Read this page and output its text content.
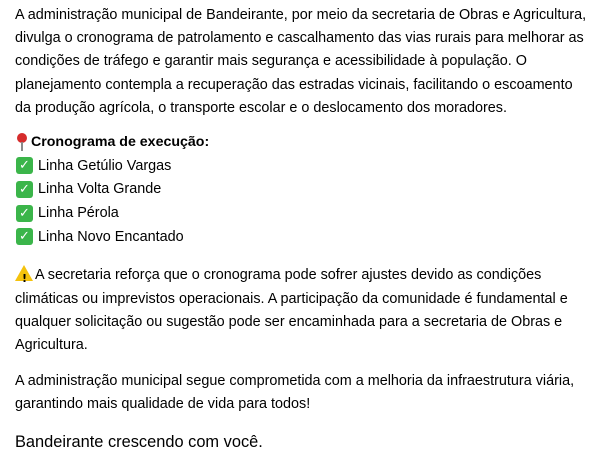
A administração municipal de Bandeirante, por meio da secretaria de Obras e Agricultura, divulga o cronograma de patrolamento e cascalhamento das vias rurais para melhorar as condições de tráfego e garantir mais segurança e acessibilidade à população. O planejamento contempla a recuperação das estradas vicinais, facilitando o escoamento da produção agrícola, o transporte escolar e o deslocamento dos moradores.

Cronograma de execução:
✓ Linha Getúlio Vargas
✓ Linha Volta Grande
✓ Linha Pérola
✓ Linha Novo Encantado

!A secretaria reforça que o cronograma pode sofrer ajustes devido as condições climáticas ou imprevistos operacionais. A participação da comunidade é fundamental e qualquer solicitação ou sugestão pode ser encaminhada para a secretaria de Obras e Agricultura.

A administração municipal segue comprometida com a melhoria da infraestrutura viária, garantindo mais qualidade de vida para todos!

Bandeirante crescendo com você.
